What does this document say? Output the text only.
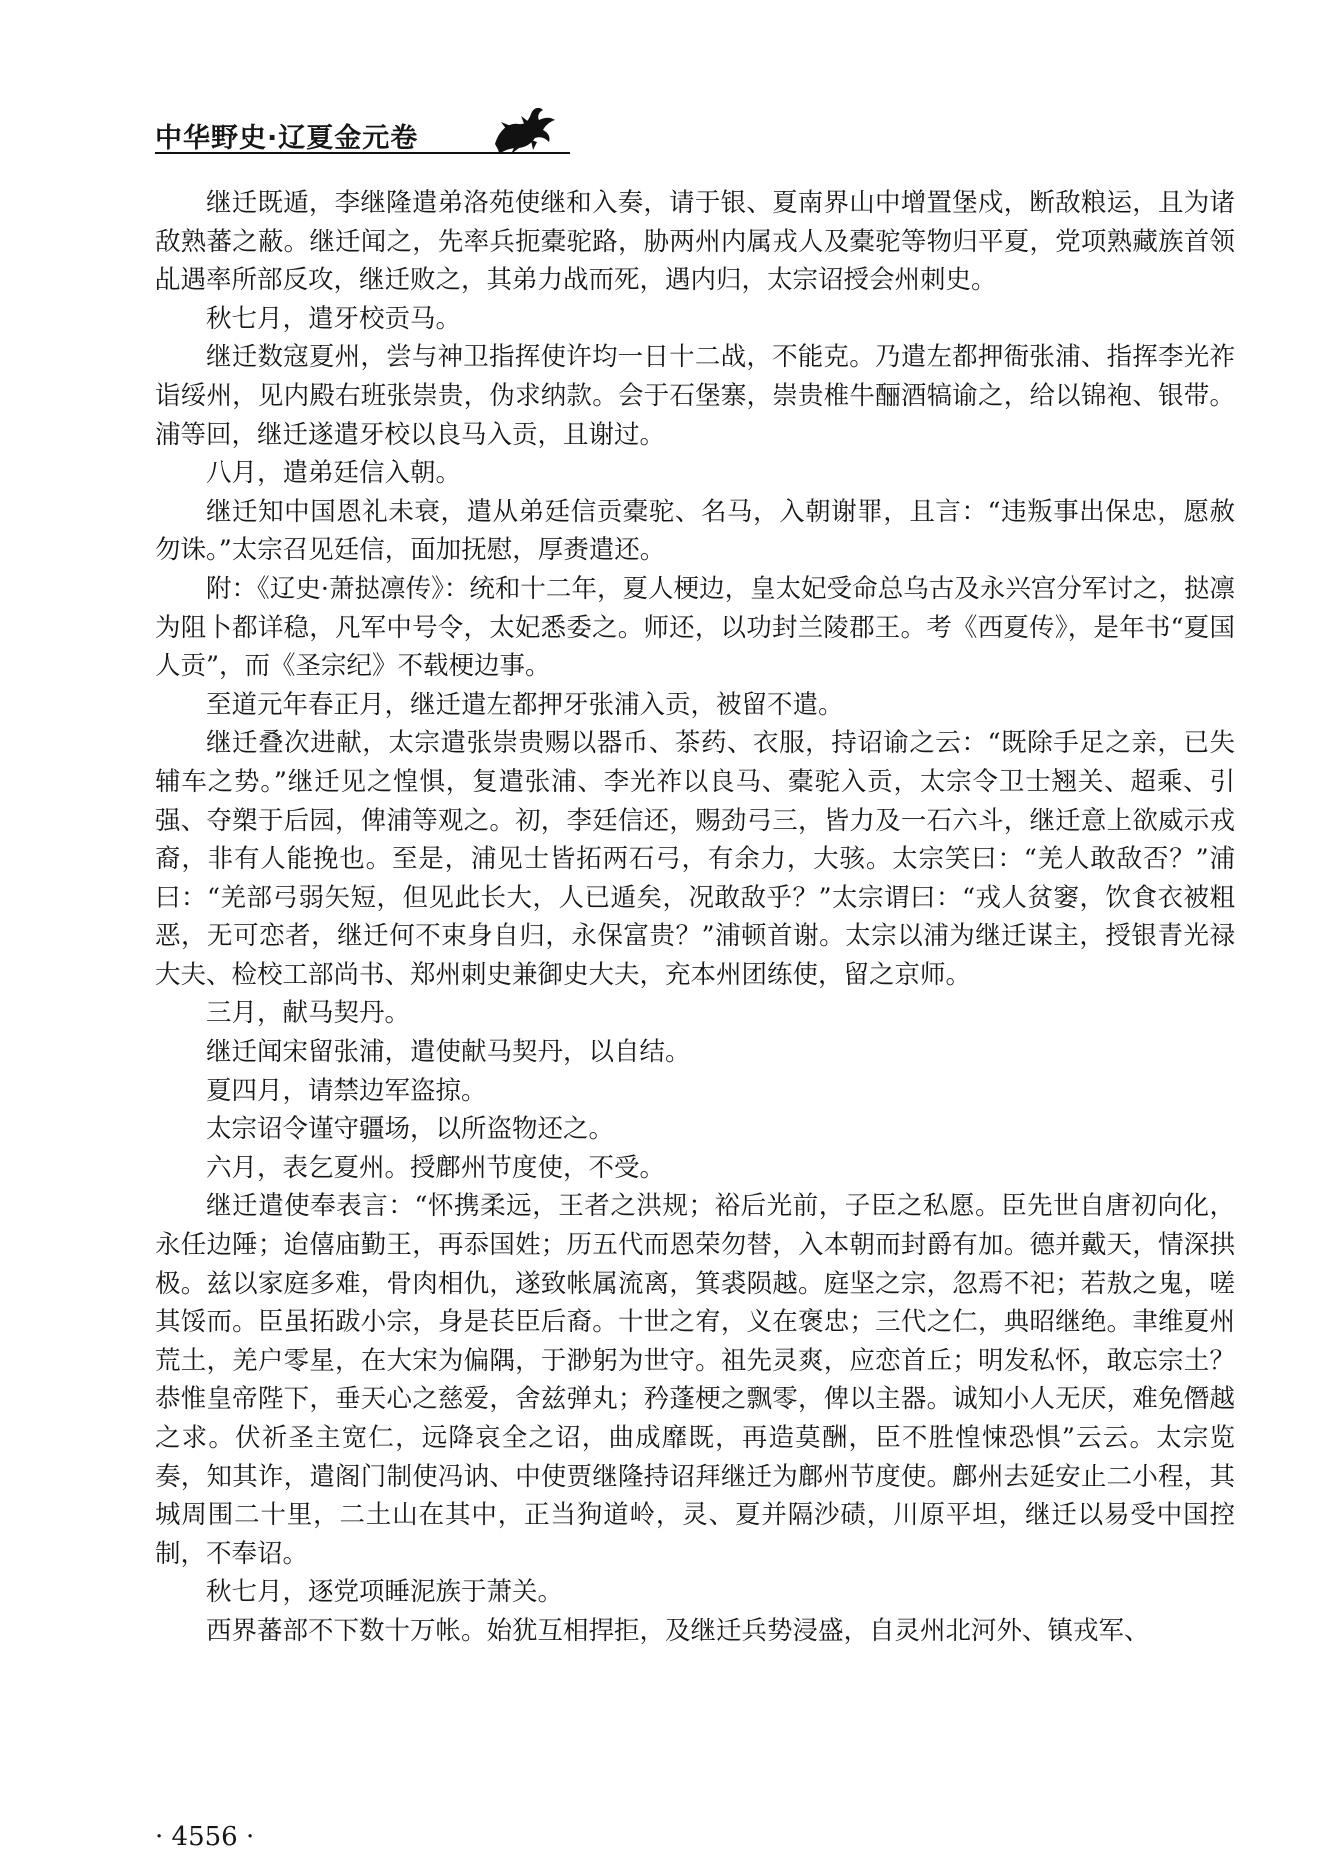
中华野史·辽夏金元卷

继迁既遁，李继隆遣弟洛苑使继和入奏，请于银、夏南界山中增置堡戍，断敌粮运，且为诸敌熟蕃之蔽。继迁闻之，先率兵扼橐驼路，胁两州内属戎人及橐驼等物归平夏，党项熟藏族首领乩遇率所部反攻，继迁败之，其弟力战而死，遇内归，太宗诏授会州刺史。

秋七月，遣牙校贡马。

继迁数寇夏州，尝与神卫指挥使许均一日十二战，不能克。乃遣左都押衙张浦、指挥李光祚诣绥州，见内殿右班张崇贵，伪求纳款。会于石堡寨，崇贵椎牛酾酒犒谕之，给以锦袍、银带。浦等回，继迁遂遣牙校以良马入贡，且谢过。

八月，遣弟廷信入朝。

继迁知中国恩礼未衰，遣从弟廷信贡橐驼、名马，入朝谢罪，且言：“违叛事出保忠，愿赦勿诛。”太宗召见廷信，面加抚慰，厚赉遣还。

附：《辽史·萧挞凛传》：统和十二年，夏人梗边，皇太妃受命总乌古及永兴宫分军讨之，挞凛为阻卜都详稳，凡军中号令，太妃悉委之。师还，以功封兰陵郡王。考《西夏传》，是年书“夏国人贡”，而《圣宗纪》不载梗边事。

至道元年春正月，继迁遣左都押牙张浦入贡，被留不遣。

继迁叠次进献，太宗遣张崇贵赐以器币、茶药、衣服，持诏谕之云：“既除手足之亲，已失辅车之势。”继迁见之惶惧，复遣张浦、李光祚以良马、橐驼入贡，太宗令卫士翘关、超乘、引强、夺槊于后园，俾浦等观之。初，李廷信还，赐劲弓三，皆力及一石六斗，继迁意上欲威示戎裔，非有人能挽也。至是，浦见士皆拓两石弓，有余力，大骇。太宗笑曰：“羌人敢敌否？”浦曰：“羌部弓弱矢短，但见此长大，人已遁矣，况敢敌乎？”太宗谓曰：“戎人贫窭，饮食衣被粗恶，无可恋者，继迁何不束身自归，永保富贵？”浦顿首谢。太宗以浦为继迁谋主，授银青光禄大夫、检校工部尚书、郑州刺史兼御史大夫，充本州团练使，留之京师。

三月，献马契丹。

继迁闻宋留张浦，遣使献马契丹，以自结。

夏四月，请禁边军盗掠。

太宗诏令谨守疆场，以所盗物还之。

六月，表乞夏州。授鄜州节度使，不受。

继迁遣使奉表言：“怀携柔远，王者之洪规；裕后光前，子臣之私愿。臣先世自唐初向化，永任边陲；迨僖庙勤王，再忝国姓；历五代而恩荣勿替，入本朝而封爵有加。德并戴天，情深拱极。兹以家庭多难，骨肉相仇，遂致帐属流离，箕裘陨越。庭坚之宗，忽焉不祀；若敖之鬼，嗟其馁而。臣虽拓跋小宗，身是苌臣后裔。十世之宥，义在褒忠；三代之仁，典昭继绝。聿维夏州荒土，羌户零星，在大宋为偏隅，于渺躬为世守。祖先灵爽，应恋首丘；明发私怀，敢忘宗土？恭惟皇帝陛下，垂天心之慈爱，舍兹弹丸；矜蓬梗之飘零，俾以主器。诚知小人无厌，难免僭越之求。伏祈圣主宽仁，远降哀全之诏，曲成靡既，再造莫酬，臣不胜惶悚恐惧”云云。太宗览奏，知其诈，遣阁门制使冯讷、中使贾继隆持诏拜继迁为鄜州节度使。鄜州去延安止二小程，其城周围二十里，二土山在其中，正当狗道岭，灵、夏并隔沙碛，川原平坦，继迁以易受中国控制，不奉诏。

秋七月，逐党项睡泥族于萧关。

西界蕃部不下数十万帐。始犹互相捍拒，及继迁兵势浸盛，自灵州北河外、镇戎军、

· 4556 ·
